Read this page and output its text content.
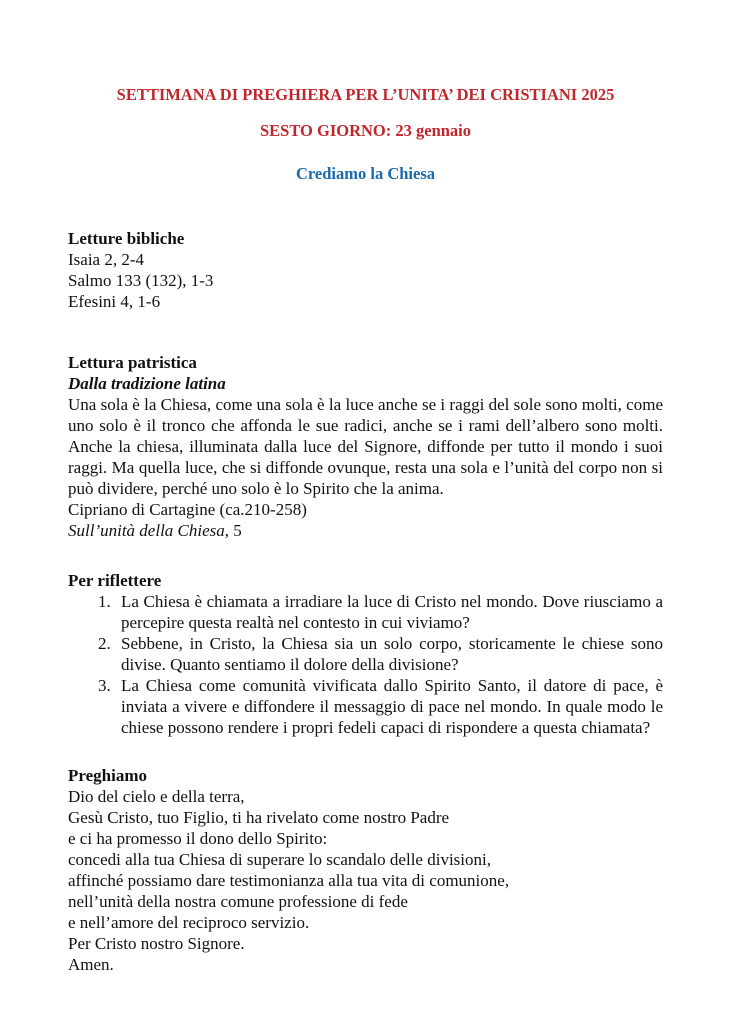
SETTIMANA DI PREGHIERA PER L’UNITA’ DEI CRISTIANI 2025
SESTO GIORNO: 23 gennaio
Crediamo la Chiesa
Letture bibliche
Isaia 2, 2-4
Salmo 133 (132), 1-3
Efesini 4, 1-6
Lettura patristica
Dalla tradizione latina
Una sola è la Chiesa, come una sola è la luce anche se i raggi del sole sono molti, come uno solo è il tronco che affonda le sue radici, anche se i rami dell’albero sono molti. Anche la chiesa, illuminata dalla luce del Signore, diffonde per tutto il mondo i suoi raggi. Ma quella luce, che si diffonde ovunque, resta una sola e l’unità del corpo non si può dividere, perché uno solo è lo Spirito che la anima.
Cipriano di Cartagine (ca.210-258)
Sull’unità della Chiesa, 5
Per riflettere
1. La Chiesa è chiamata a irradiare la luce di Cristo nel mondo. Dove riusciamo a percepire questa realtà nel contesto in cui viviamo?
2. Sebbene, in Cristo, la Chiesa sia un solo corpo, storicamente le chiese sono divise. Quanto sentiamo il dolore della divisione?
3. La Chiesa come comunità vivificata dallo Spirito Santo, il datore di pace, è inviata a vivere e diffondere il messaggio di pace nel mondo. In quale modo le chiese possono rendere i propri fedeli capaci di rispondere a questa chiamata?
Preghiamo
Dio del cielo e della terra,
Gesù Cristo, tuo Figlio, ti ha rivelato come nostro Padre
e ci ha promesso il dono dello Spirito:
concedi alla tua Chiesa di superare lo scandalo delle divisioni,
affinché possiamo dare testimonianza alla tua vita di comunione,
nell’unità della nostra comune professione di fede
e nell’amore del reciproco servizio.
Per Cristo nostro Signore.
Amen.
